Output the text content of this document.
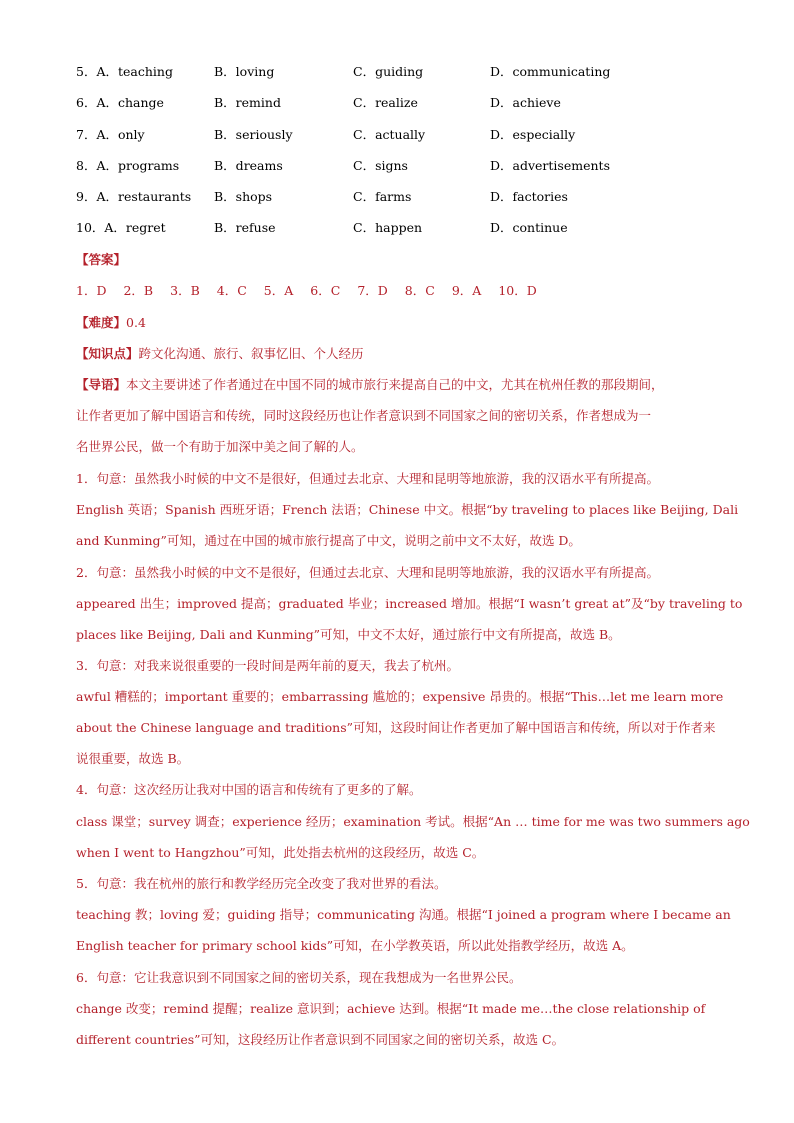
5．A．teaching	B．loving	C．guiding	D．communicating
6．A．change	B．remind	C．realize	D．achieve
7．A．only	B．seriously	C．actually	D．especially
8．A．programs	B．dreams	C．signs	D．advertisements
9．A．restaurants B．shops	C．farms	D．factories
10．A．regret	B．refuse	C．happen	D．continue
【答案】
1．D 2．B 3．B 4．C 5．A 6．C 7．D 8．C 9．A 10．D
【难度】0.4
【知识点】跨文化沟通、旅行、叙事忆旧、个人经历
【导语】本文主要讲述了作者通过在中国不同的城市旅行来提高自己的中文，尤其在杭州任教的那段期间，
让作者更加了解中国语言和传统，同时这段经历也让作者意识到不同国家之间的密切关系，作者想成为一
名世界公民，做一个有助于加深中美之间了解的人。
1．句意：虽然我小时候的中文不是很好，但通过去北京、大理和昆明等地旅游，我的汉语水平有所提高。
English 英语；Spanish 西班牙语；French 法语；Chinese 中文。根据“by traveling to places like Beijing, Dali
and Kunming”可知，通过在中国的城市旅行提高了中文，说明之前中文不太好，故选 D。
2．句意：虽然我小时候的中文不是很好，但通过去北京、大理和昆明等地旅游，我的汉语水平有所提高。
appeared 出生；improved 提高；graduated 毕业；increased 增加。根据“I wasn’t great at”及“by traveling to
places like Beijing, Dali and Kunming”可知，中文不太好，通过旅行中文有所提高，故选 B。
3．句意：对我来说很重要的一段时间是两年前的夏天，我去了杭州。
awful 糟糕的；important 重要的；embarrassing 尴尬的；expensive 昂贵的。根据“This…let me learn more
about the Chinese language and traditions”可知，这段时间让作者更加了解中国语言和传统，所以对于作者来
说很重要，故选 B。
4．句意：这次经历让我对中国的语言和传统有了更多的了解。
class 课堂；survey 调查；experience 经历；examination 考试。根据“An … time for me was two summers ago
when I went to Hangzhou”可知，此处指去杭州的这段经历，故选 C。
5．句意：我在杭州的旅行和教学经历完全改变了我对世界的看法。
teaching 教；loving 爱；guiding 指导；communicating 沟通。根据“I joined a program where I became an
English teacher for primary school kids”可知，在小学教英语，所以此处指教学经历，故选 A。
6．句意：它让我意识到不同国家之间的密切关系，现在我想成为一名世界公民。
change 改变；remind 提醒；realize 意识到；achieve 达到。根据“It made me…the close relationship of
different countries”可知，这段经历让作者意识到不同国家之间的密切关系，故选 C。
